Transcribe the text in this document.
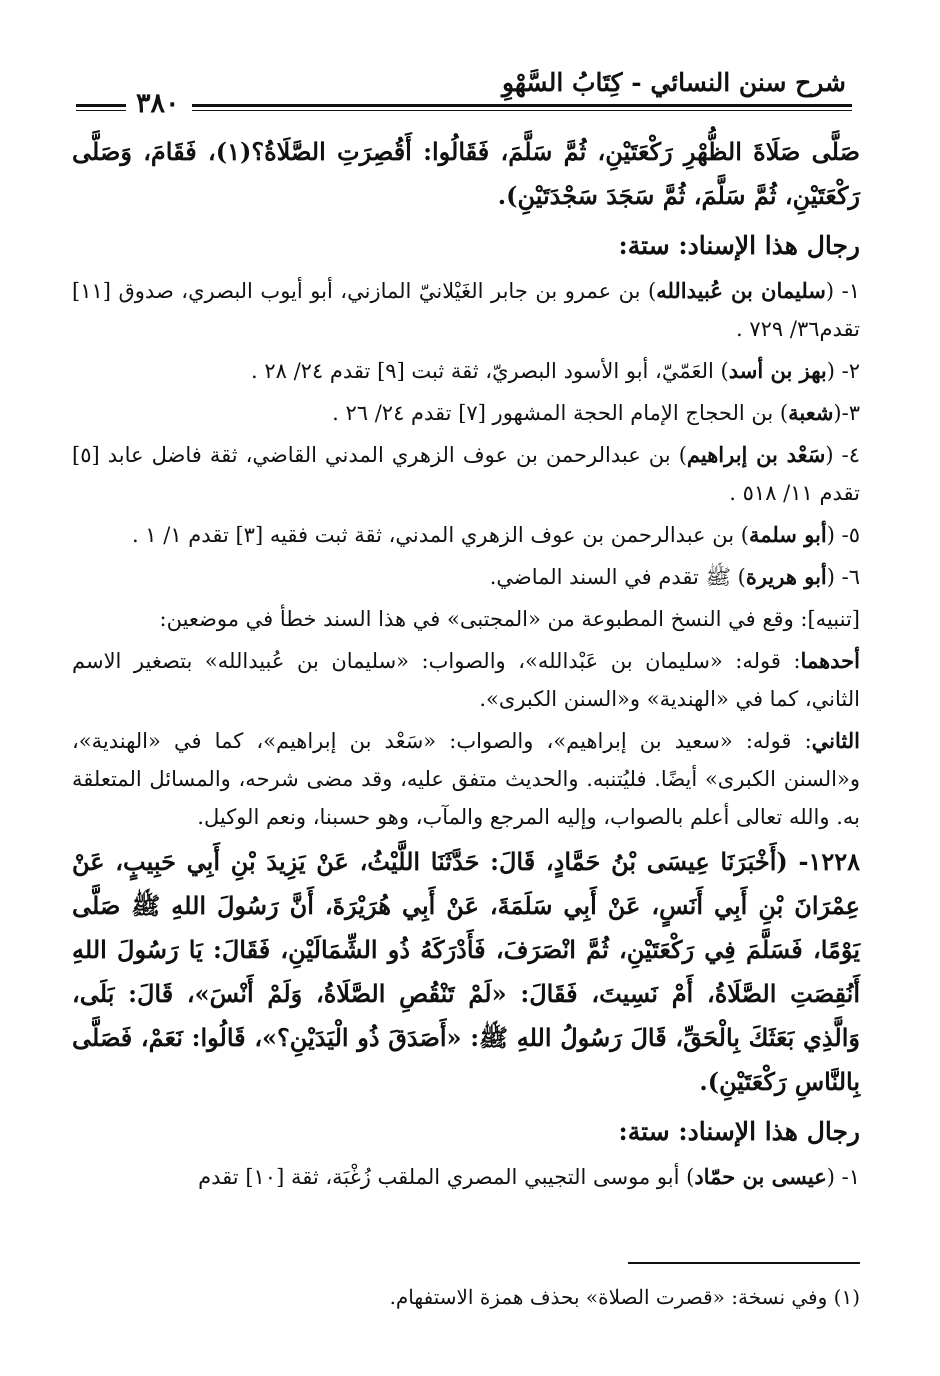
شرح سنن النسائي - كِتَابُ السَّهْوِ
٣٨٠

صَلَّى صَلَاةَ الظُّهْرِ رَكْعَتَيْنِ، ثُمَّ سَلَّمَ، فَقَالُوا: أَقُصِرَتِ الصَّلَاةُ؟(١)، فَقَامَ، وَصَلَّى رَكْعَتَيْنِ، ثُمَّ سَلَّمَ، ثُمَّ سَجَدَ سَجْدَتَيْنِ).

رجال هذا الإسناد: ستة:

١- (سليمان بن عُبيدالله) بن عمرو بن جابر الغَيْلانيّ المازني، أبو أيوب البصري، صدوق [١١] تقدم٣٦/ ٧٢٩ .

٢- (بهز بن أسد) العَمّيّ، أبو الأسود البصريّ، ثقة ثبت [٩] تقدم ٢٤/ ٢٨ .

٣-(شعبة) بن الحجاج الإمام الحجة المشهور [٧] تقدم ٢٤/ ٢٦ .

٤- (سَعْد بن إبراهيم) بن عبدالرحمن بن عوف الزهري المدني القاضي، ثقة فاضل عابد [٥] تقدم ١١/ ٥١٨ .

٥- (أبو سلمة) بن عبدالرحمن بن عوف الزهري المدني، ثقة ثبت فقيه [٣] تقدم ١/ ١ .

٦- (أبو هريرة) ﷺ تقدم في السند الماضي.

[تنبيه]: وقع في النسخ المطبوعة من «المجتبى» في هذا السند خطأ في موضعين:

أحدهما: قوله: «سليمان بن عَبْدالله»، والصواب: «سليمان بن عُبيدالله» بتصغير الاسم الثاني، كما في «الهندية» و«السنن الكبرى».

الثاني: قوله: «سعيد بن إبراهيم»، والصواب: «سَعْد بن إبراهيم»، كما في «الهندية»، و«السنن الكبرى» أيضًا. فليُتنبه. والحديث متفق عليه، وقد مضى شرحه، والمسائل المتعلقة به. والله تعالى أعلم بالصواب، وإليه المرجع والمآب، وهو حسبنا، ونعم الوكيل.

١٢٢٨- (أَخْبَرَنَا عِيسَى بْنُ حَمَّادٍ، قَالَ: حَدَّثَنَا اللَّيْثُ، عَنْ يَزِيدَ بْنِ أَبِي حَبِيبٍ، عَنْ عِمْرَانَ بْنِ أَبِي أَنَسٍ، عَنْ أَبِي سَلَمَةَ، عَنْ أَبِي هُرَيْرَةَ، أَنَّ رَسُولَ اللهِ ﷺ صَلَّى يَوْمًا، فَسَلَّمَ فِي رَكْعَتَيْنِ، ثُمَّ انْصَرَفَ، فَأَدْرَكَهُ ذُو الشِّمَالَيْنِ، فَقَالَ: يَا رَسُولَ اللهِ أَنُقِصَتِ الصَّلَاةُ، أَمْ نَسِيتَ، فَقَالَ: «لَمْ تَنْقُصِ الصَّلَاةُ، وَلَمْ أَنْسَ»، قَالَ: بَلَى، وَالَّذِي بَعَثَكَ بِالْحَقِّ، قَالَ رَسُولُ اللهِ ﷺ: «أَصَدَقَ ذُو الْيَدَيْنِ؟»، قَالُوا: نَعَمْ، فَصَلَّى بِالنَّاسِ رَكْعَتَيْنِ).

رجال هذا الإسناد: ستة:

١- (عيسى بن حمّاد) أبو موسى التجيبي المصري الملقب زُغْبَة، ثقة [١٠] تقدم

(١) وفي نسخة: «قصرت الصلاة» بحذف همزة الاستفهام.
